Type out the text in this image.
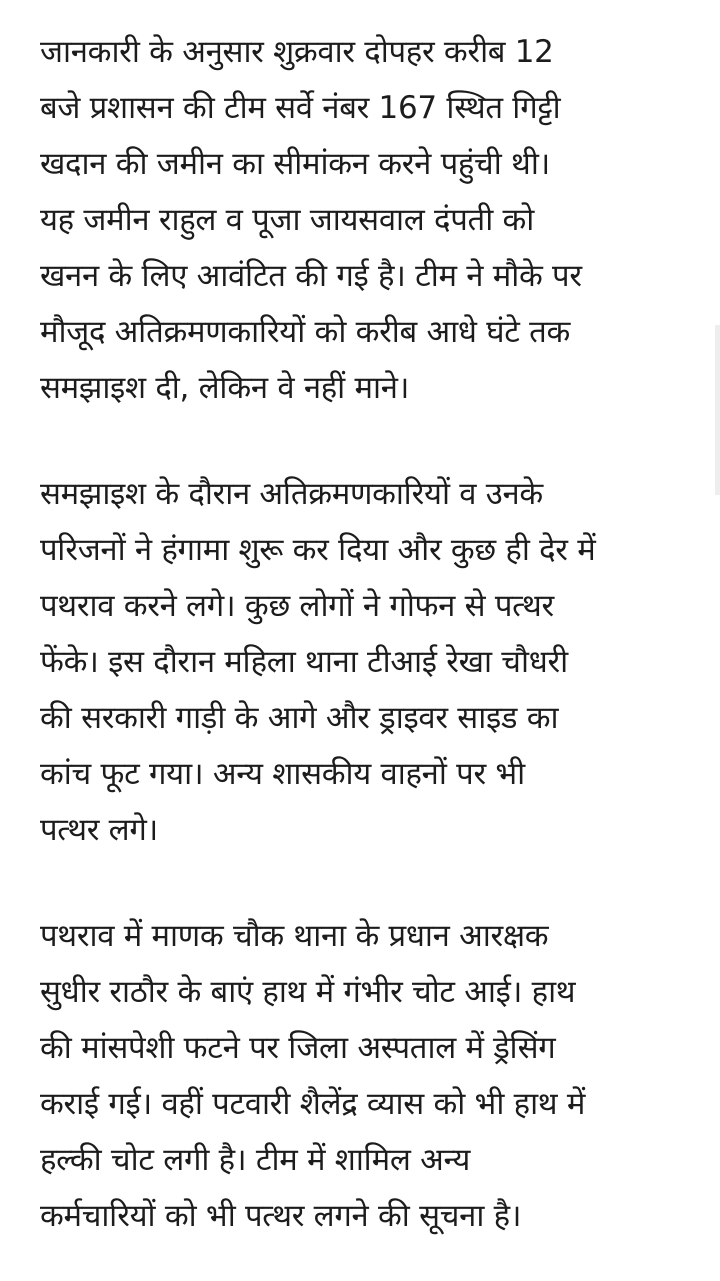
जानकारी के अनुसार शुक्रवार दोपहर करीब 12
बजे प्रशासन की टीम सर्वे नंबर 167 स्थित गिट्टी
खदान की जमीन का सीमांकन करने पहुंची थी।
यह जमीन राहुल व पूजा जायसवाल दंपती को
खनन के लिए आवंटित की गई है। टीम ने मौके पर
मौजूद अतिक्रमणकारियों को करीब आधे घंटे तक
समझाइश दी, लेकिन वे नहीं माने।

समझाइश के दौरान अतिक्रमणकारियों व उनके
परिजनों ने हंगामा शुरू कर दिया और कुछ ही देर में
पथराव करने लगे। कुछ लोगों ने गोफन से पत्थर
फेंके। इस दौरान महिला थाना टीआई रेखा चौधरी
की सरकारी गाड़ी के आगे और ड्राइवर साइड का
कांच फूट गया। अन्य शासकीय वाहनों पर भी
पत्थर लगे।

पथराव में माणक चौक थाना के प्रधान आरक्षक
सुधीर राठौर के बाएं हाथ में गंभीर चोट आई। हाथ
की मांसपेशी फटने पर जिला अस्पताल में ड्रेसिंग
कराई गई। वहीं पटवारी शैलेंद्र व्यास को भी हाथ में
हल्की चोट लगी है। टीम में शामिल अन्य
कर्मचारियों को भी पत्थर लगने की सूचना है।
